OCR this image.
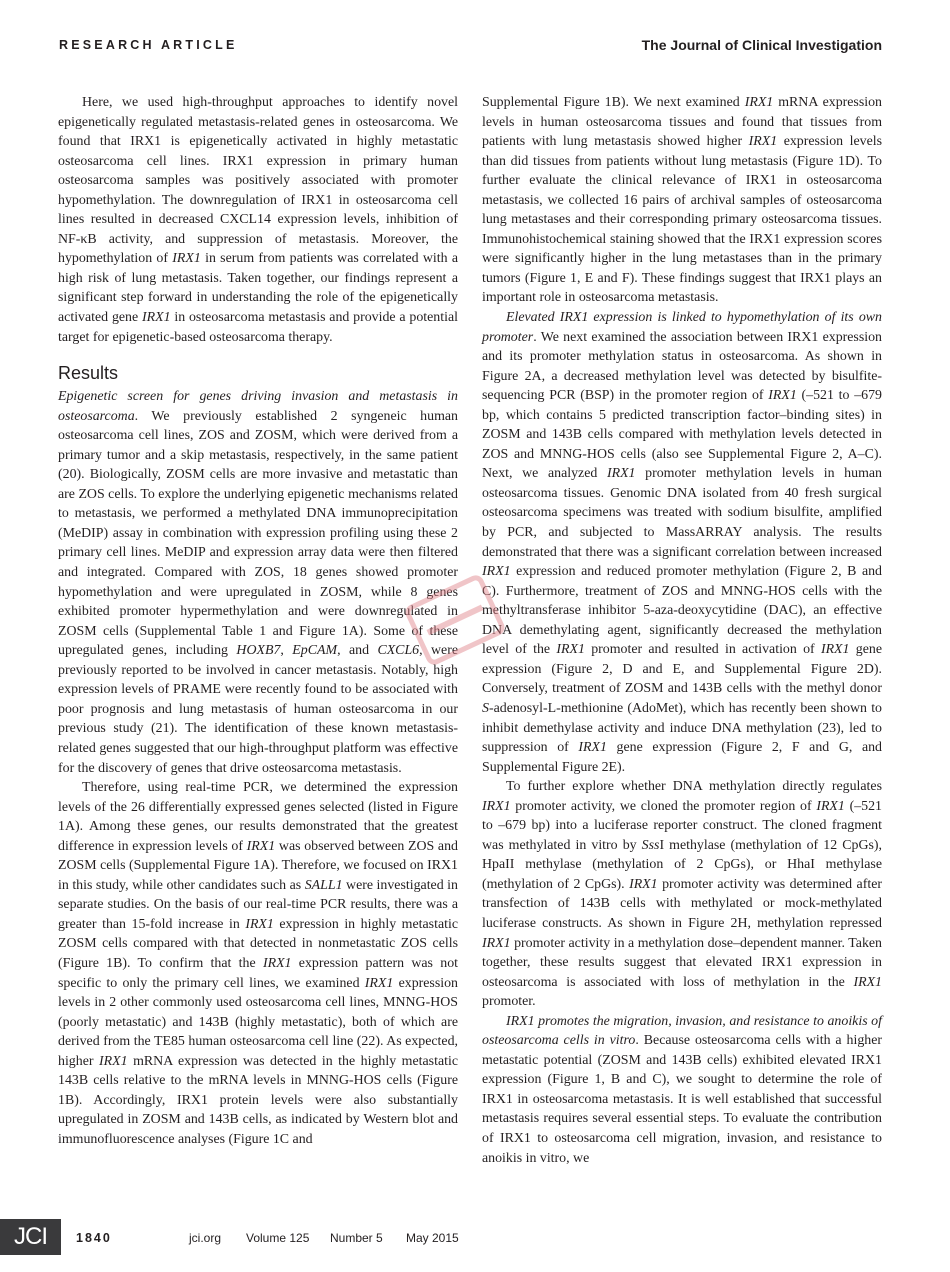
RESEARCH ARTICLE	The Journal of Clinical Investigation

Here, we used high-throughput approaches to identify novel epigenetically regulated metastasis-related genes in osteosarcoma. We found that IRX1 is epigenetically activated in highly metastatic osteosarcoma cell lines. IRX1 expression in primary human osteosarcoma samples was positively associated with promoter hypomethylation. The downregulation of IRX1 in osteosarcoma cell lines resulted in decreased CXCL14 expression levels, inhibition of NF-κB activity, and suppression of metastasis. Moreover, the hypomethylation of IRX1 in serum from patients was correlated with a high risk of lung metastasis. Taken together, our findings represent a significant step forward in understanding the role of the epigenetically activated gene IRX1 in osteosarcoma metastasis and provide a potential target for epigenetic-based osteosarcoma therapy.

Results

Epigenetic screen for genes driving invasion and metastasis in osteosarcoma. We previously established 2 syngeneic human osteosarcoma cell lines, ZOS and ZOSM, which were derived from a primary tumor and a skip metastasis, respectively, in the same patient (20). Biologically, ZOSM cells are more invasive and metastatic than are ZOS cells. To explore the underlying epigenetic mechanisms related to metastasis, we performed a methylated DNA immunoprecipitation (MeDIP) assay in combination with expression profiling using these 2 primary cell lines. MeDIP and expression array data were then filtered and integrated. Compared with ZOS, 18 genes showed promoter hypomethylation and were upregulated in ZOSM, while 8 genes exhibited promoter hypermethylation and were downregulated in ZOSM cells (Supplemental Table 1 and Figure 1A). Some of these upregulated genes, including HOXB7, EpCAM, and CXCL6, were previously reported to be involved in cancer metastasis. Notably, high expression levels of PRAME were recently found to be associated with poor prognosis and lung metastasis of human osteosarcoma in our previous study (21). The identification of these known metastasis-related genes suggested that our high-throughput platform was effective for the discovery of genes that drive osteosarcoma metastasis.

Therefore, using real-time PCR, we determined the expression levels of the 26 differentially expressed genes selected (listed in Figure 1A). Among these genes, our results demonstrated that the greatest difference in expression levels of IRX1 was observed between ZOS and ZOSM cells (Supplemental Figure 1A). Therefore, we focused on IRX1 in this study, while other candidates such as SALL1 were investigated in separate studies. On the basis of our real-time PCR results, there was a greater than 15-fold increase in IRX1 expression in highly metastatic ZOSM cells compared with that detected in nonmetastatic ZOS cells (Figure 1B). To confirm that the IRX1 expression pattern was not specific to only the primary cell lines, we examined IRX1 expression levels in 2 other commonly used osteosarcoma cell lines, MNNG-HOS (poorly metastatic) and 143B (highly metastatic), both of which are derived from the TE85 human osteosarcoma cell line (22). As expected, higher IRX1 mRNA expression was detected in the highly metastatic 143B cells relative to the mRNA levels in MNNG-HOS cells (Figure 1B). Accordingly, IRX1 protein levels were also substantially upregulated in ZOSM and 143B cells, as indicated by Western blot and immunofluorescence analyses (Figure 1C and

Supplemental Figure 1B). We next examined IRX1 mRNA expression levels in human osteosarcoma tissues and found that tissues from patients with lung metastasis showed higher IRX1 expression levels than did tissues from patients without lung metastasis (Figure 1D). To further evaluate the clinical relevance of IRX1 in osteosarcoma metastasis, we collected 16 pairs of archival samples of osteosarcoma lung metastases and their corresponding primary osteosarcoma tissues. Immunohistochemical staining showed that the IRX1 expression scores were significantly higher in the lung metastases than in the primary tumors (Figure 1, E and F). These findings suggest that IRX1 plays an important role in osteosarcoma metastasis.

Elevated IRX1 expression is linked to hypomethylation of its own promoter. We next examined the association between IRX1 expression and its promoter methylation status in osteosarcoma. As shown in Figure 2A, a decreased methylation level was detected by bisulfite-sequencing PCR (BSP) in the promoter region of IRX1 (–521 to –679 bp, which contains 5 predicted transcription factor–binding sites) in ZOSM and 143B cells compared with methylation levels detected in ZOS and MNNG-HOS cells (also see Supplemental Figure 2, A–C). Next, we analyzed IRX1 promoter methylation levels in human osteosarcoma tissues. Genomic DNA isolated from 40 fresh surgical osteosarcoma specimens was treated with sodium bisulfite, amplified by PCR, and subjected to MassARRAY analysis. The results demonstrated that there was a significant correlation between increased IRX1 expression and reduced promoter methylation (Figure 2, B and C). Furthermore, treatment of ZOS and MNNG-HOS cells with the methyltransferase inhibitor 5-aza-deoxycytidine (DAC), an effective DNA demethylating agent, significantly decreased the methylation level of the IRX1 promoter and resulted in activation of IRX1 gene expression (Figure 2, D and E, and Supplemental Figure 2D). Conversely, treatment of ZOSM and 143B cells with the methyl donor S-adenosyl-L-methionine (AdoMet), which has recently been shown to inhibit demethylase activity and induce DNA methylation (23), led to suppression of IRX1 gene expression (Figure 2, F and G, and Supplemental Figure 2E).

To further explore whether DNA methylation directly regulates IRX1 promoter activity, we cloned the promoter region of IRX1 (–521 to –679 bp) into a luciferase reporter construct. The cloned fragment was methylated in vitro by SssI methylase (methylation of 12 CpGs), HpaII methylase (methylation of 2 CpGs), or HhaI methylase (methylation of 2 CpGs). IRX1 promoter activity was determined after transfection of 143B cells with methylated or mock-methylated luciferase constructs. As shown in Figure 2H, methylation repressed IRX1 promoter activity in a methylation dose–dependent manner. Taken together, these results suggest that elevated IRX1 expression in osteosarcoma is associated with loss of methylation in the IRX1 promoter.

IRX1 promotes the migration, invasion, and resistance to anoikis of osteosarcoma cells in vitro. Because osteosarcoma cells with a higher metastatic potential (ZOSM and 143B cells) exhibited elevated IRX1 expression (Figure 1, B and C), we sought to determine the role of IRX1 in osteosarcoma metastasis. It is well established that successful metastasis requires several essential steps. To evaluate the contribution of IRX1 to osteosarcoma cell migration, invasion, and resistance to anoikis in vitro, we

JCI	1840	jci.org Volume 125 Number 5 May 2015
